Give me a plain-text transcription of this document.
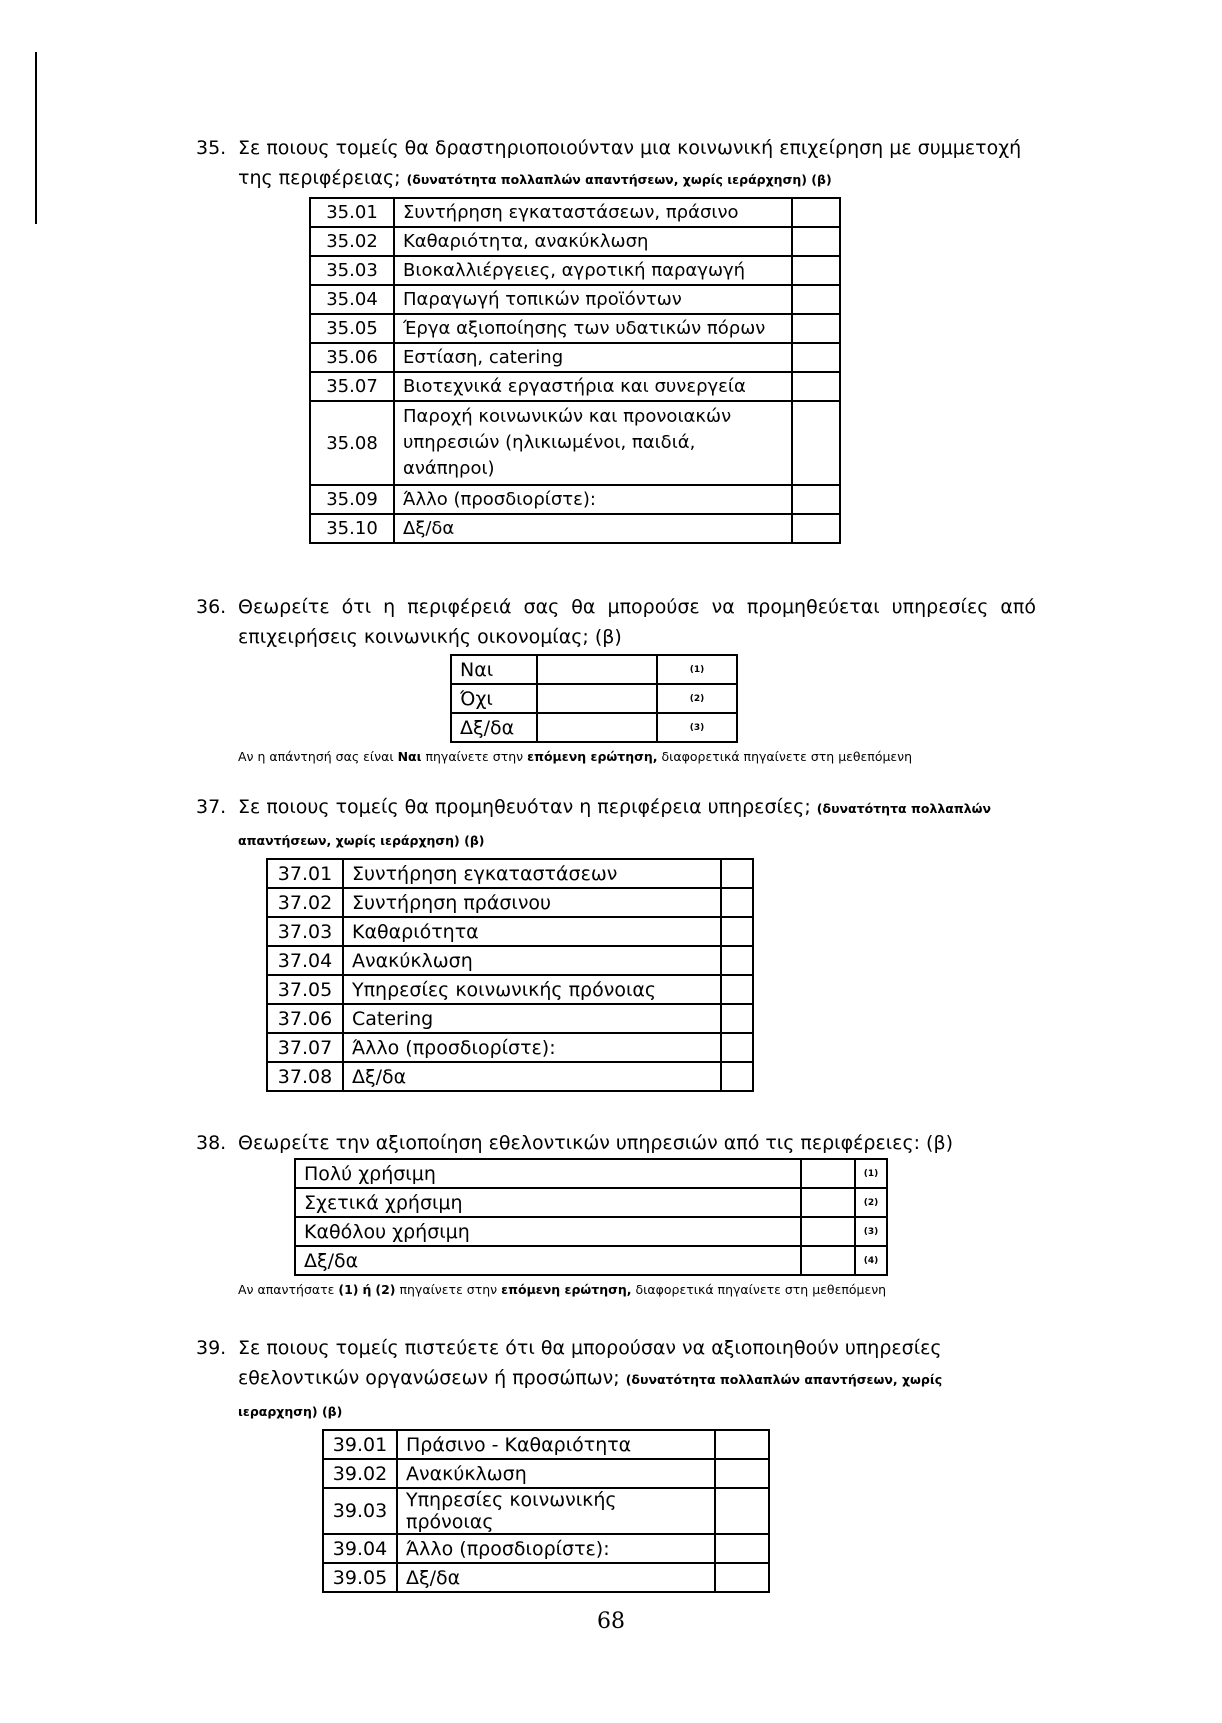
35. Σε ποιους τομείς θα δραστηριοποιούνταν μια κοινωνική επιχείρηση με συμμετοχή της περιφέρειας; (δυνατότητα πολλαπλών απαντήσεων, χωρίς ιεράρχηση) (β)

35.01	Συντήρηση εγκαταστάσεων, πράσινο	
35.02	Καθαριότητα, ανακύκλωση	
35.03	Βιοκαλλιέργειες, αγροτική παραγωγή	
35.04	Παραγωγή τοπικών προϊόντων	
35.05	Έργα αξιοποίησης των υδατικών πόρων	
35.06	Εστίαση, catering	
35.07	Βιοτεχνικά εργαστήρια και συνεργεία	
35.08	Παροχή κοινωνικών και προνοιακών υπηρεσιών (ηλικιωμένοι, παιδιά, ανάπηροι)	
35.09	Άλλο (προσδιορίστε):	
35.10	Δξ/δα	

36. Θεωρείτε ότι η περιφέρειά σας θα μπορούσε να προμηθεύεται υπηρεσίες από επιχειρήσεις κοινωνικής οικονομίας; (β)

Ναι		(1)
Όχι		(2)
Δξ/δα		(3)
Αν η απάντησή σας είναι Ναι πηγαίνετε στην επόμενη ερώτηση, διαφορετικά πηγαίνετε στη μεθεπόμενη

37. Σε ποιους τομείς θα προμηθευόταν η περιφέρεια υπηρεσίες; (δυνατότητα πολλαπλών απαντήσεων, χωρίς ιεράρχηση) (β)

37.01	Συντήρηση εγκαταστάσεων	
37.02	Συντήρηση πράσινου	
37.03	Καθαριότητα	
37.04	Ανακύκλωση	
37.05	Υπηρεσίες κοινωνικής πρόνοιας	
37.06	Catering	
37.07	Άλλο (προσδιορίστε):	
37.08	Δξ/δα	

38. Θεωρείτε την αξιοποίηση εθελοντικών υπηρεσιών από τις περιφέρειες: (β)

Πολύ χρήσιμη		(1)
Σχετικά χρήσιμη		(2)
Καθόλου χρήσιμη		(3)
Δξ/δα		(4)
Αν απαντήσατε (1) ή (2) πηγαίνετε στην επόμενη ερώτηση, διαφορετικά πηγαίνετε στη μεθεπόμενη

39. Σε ποιους τομείς πιστεύετε ότι θα μπορούσαν να αξιοποιηθούν υπηρεσίες εθελοντικών οργανώσεων ή προσώπων; (δυνατότητα πολλαπλών απαντήσεων, χωρίς ιεραρχηση) (β)

39.01	Πράσινο - Καθαριότητα	
39.02	Ανακύκλωση	
39.03	Υπηρεσίες κοινωνικής πρόνοιας	
39.04	Άλλο (προσδιορίστε):	
39.05	Δξ/δα	
68
